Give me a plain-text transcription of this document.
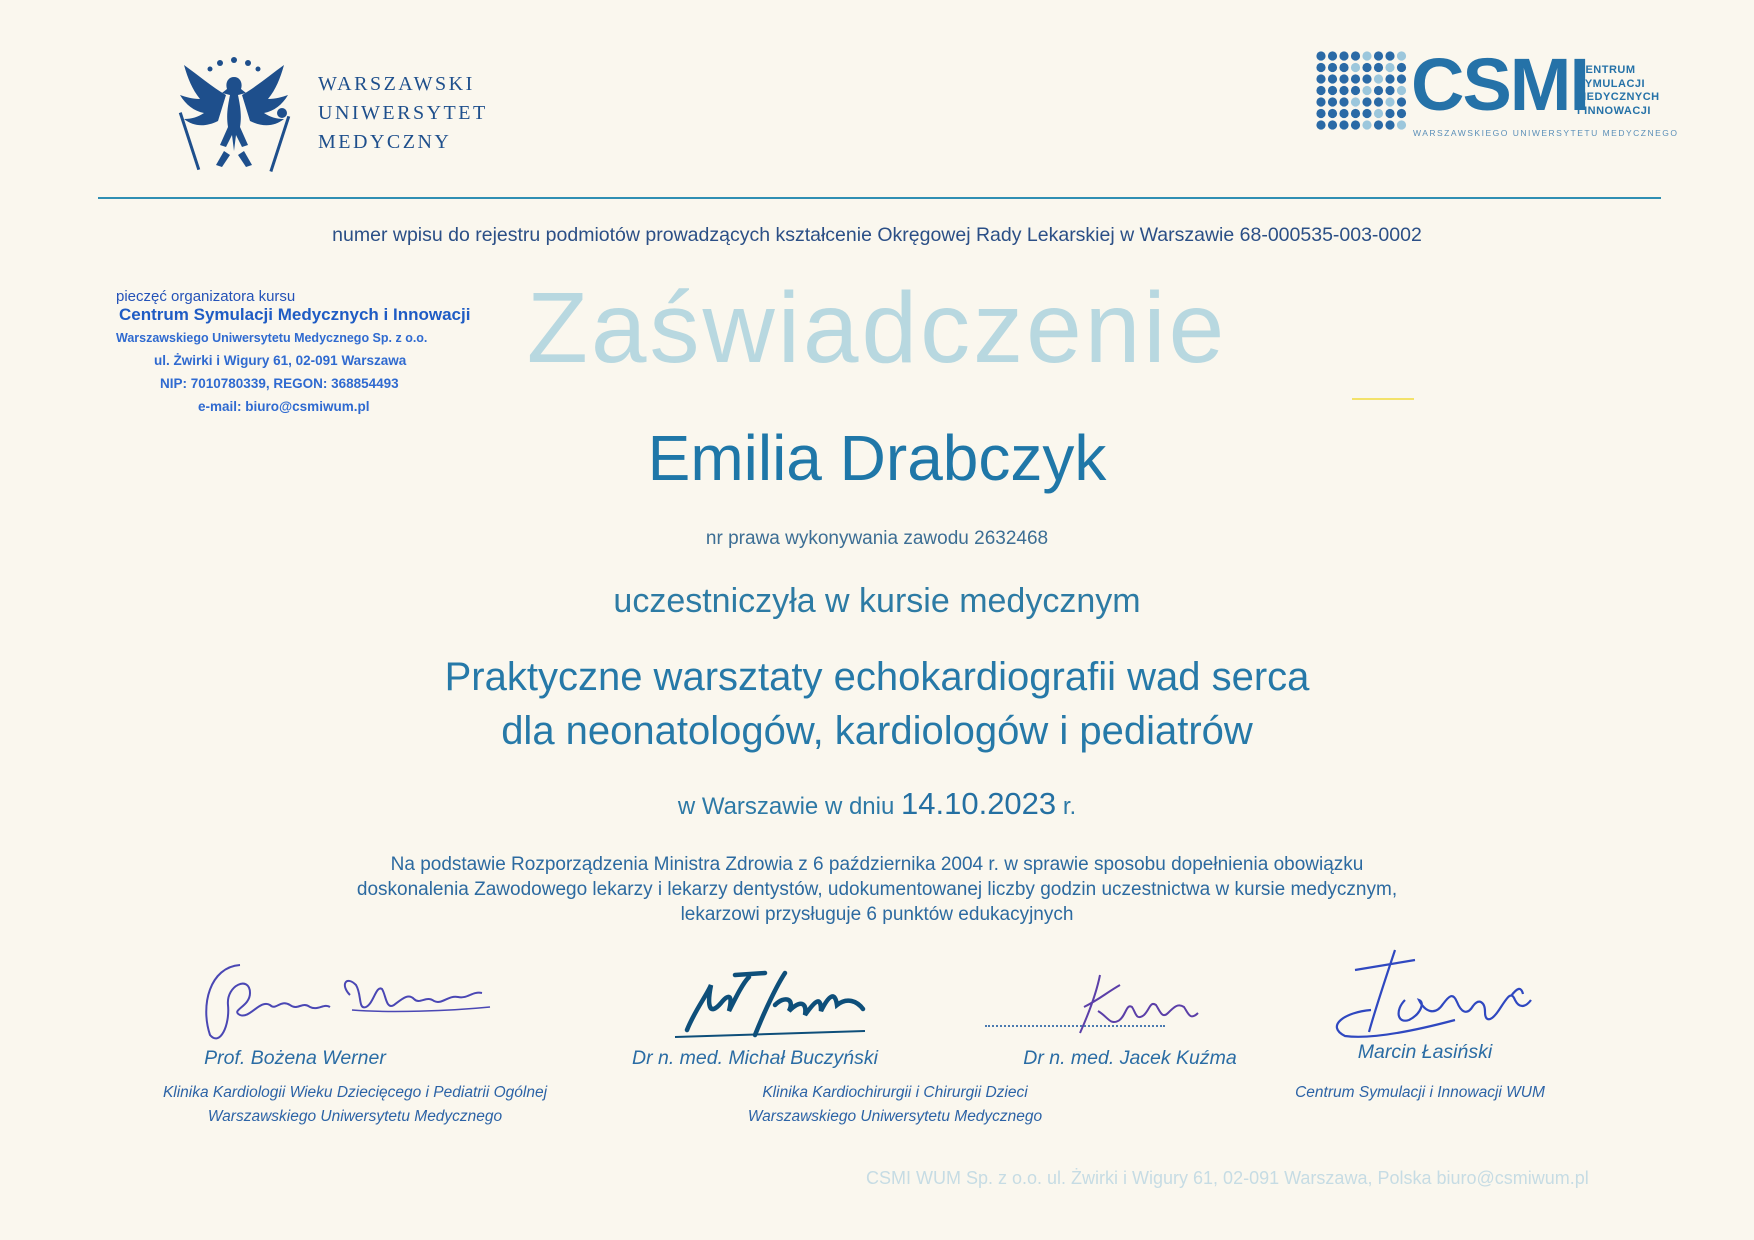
WARSZAWSKI
UNIWERSYTET
MEDYCZNY
CSMI
CENTRUM
SYMULACJI
MEDYCZNYCH
I INNOWACJI
WARSZAWSKIEGO UNIWERSYTETU MEDYCZNEGO
numer wpisu do rejestru podmiotów prowadzących kształcenie Okręgowej Rady Lekarskiej w Warszawie 68-000535-003-0002
pieczęć organizatora kursu
Centrum Symulacji Medycznych i Innowacji
Warszawskiego Uniwersytetu Medycznego Sp. z o.o.
ul. Żwirki i Wigury 61, 02-091 Warszawa
NIP: 7010780339, REGON: 368854493
e-mail: biuro@csmiwum.pl
Zaświadczenie
Emilia Drabczyk
nr prawa wykonywania zawodu 2632468
uczestniczyła w kursie medycznym
Praktyczne warsztaty echokardiografii wad serca
dla neonatologów, kardiologów i pediatrów
w Warszawie w dniu 14.10.2023 r.
Na podstawie Rozporządzenia Ministra Zdrowia z 6 października 2004 r. w sprawie sposobu dopełnienia obowiązku
doskonalenia Zawodowego lekarzy i lekarzy dentystów, udokumentowanej liczby godzin uczestnictwa w kursie medycznym,
lekarzowi przysługuje 6 punktów edukacyjnych
Prof. Bożena Werner	Dr n. med. Michał Buczyński	Dr n. med. Jacek Kuźma	Marcin Łasiński
Klinika Kardiologii Wieku Dziecięcego i Pediatrii Ogólnej
Warszawskiego Uniwersytetu Medycznego
Klinika Kardiochirurgii i Chirurgii Dzieci
Warszawskiego Uniwersytetu Medycznego
Centrum Symulacji i Innowacji WUM
CSMI WUM Sp. z o.o. ul. Żwirki i Wigury 61, 02-091 Warszawa, Polska biuro@csmiwum.pl
